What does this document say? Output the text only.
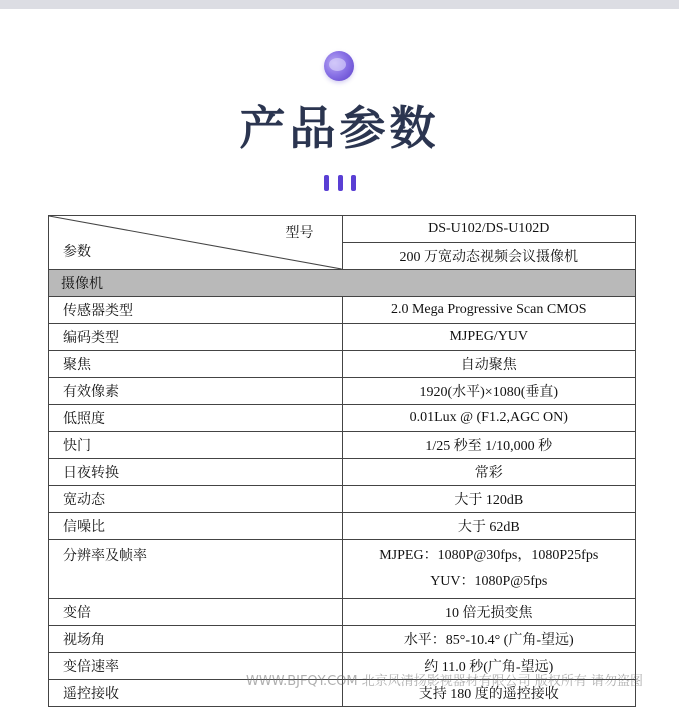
产品参数
型号
参数	DS-U102/DS-U102D
	200 万宽动态视频会议摄像机
摄像机	
传感器类型	2.0 Mega Progressive Scan CMOS
编码类型	MJPEG/YUV
聚焦	自动聚焦
有效像素	1920(水平)×1080(垂直)
低照度	0.01Lux @ (F1.2,AGC ON)
快门	1/25 秒至 1/10,000 秒
日夜转换	常彩
宽动态	大于 120dB
信噪比	大于 62dB
分辨率及帧率	MJPEG：1080P@30fps，1080P25fps
YUV：1080P@5fps

变倍	10 倍无损变焦
视场角	水平：85°-10.4° (广角-望远)
变倍速率	约 11.0 秒(广角-望远)
遥控接收	支持 180 度的遥控接收
WWW.BJFQY.COM 北京风清扬影视器材有限公司 版权所有 请勿盗图
